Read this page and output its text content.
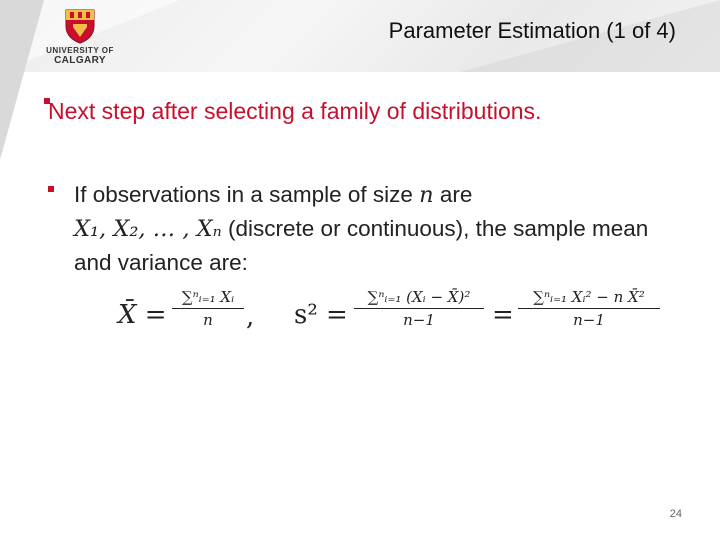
UNIVERSITY OF
CALGARY
Parameter Estimation (1 of 4)
Next step after selecting a family of distributions.
If observations in a sample of size n are
X₁, X₂, … , Xₙ (discrete or continuous), the sample mean and variance are:
X̄ =
∑ⁿᵢ₌₁ Xᵢ
n	, s² =
∑ⁿᵢ₌₁ (Xᵢ − X̄)²
n−1	=
∑ⁿᵢ₌₁ Xᵢ² − n X̄²
n−1
24
